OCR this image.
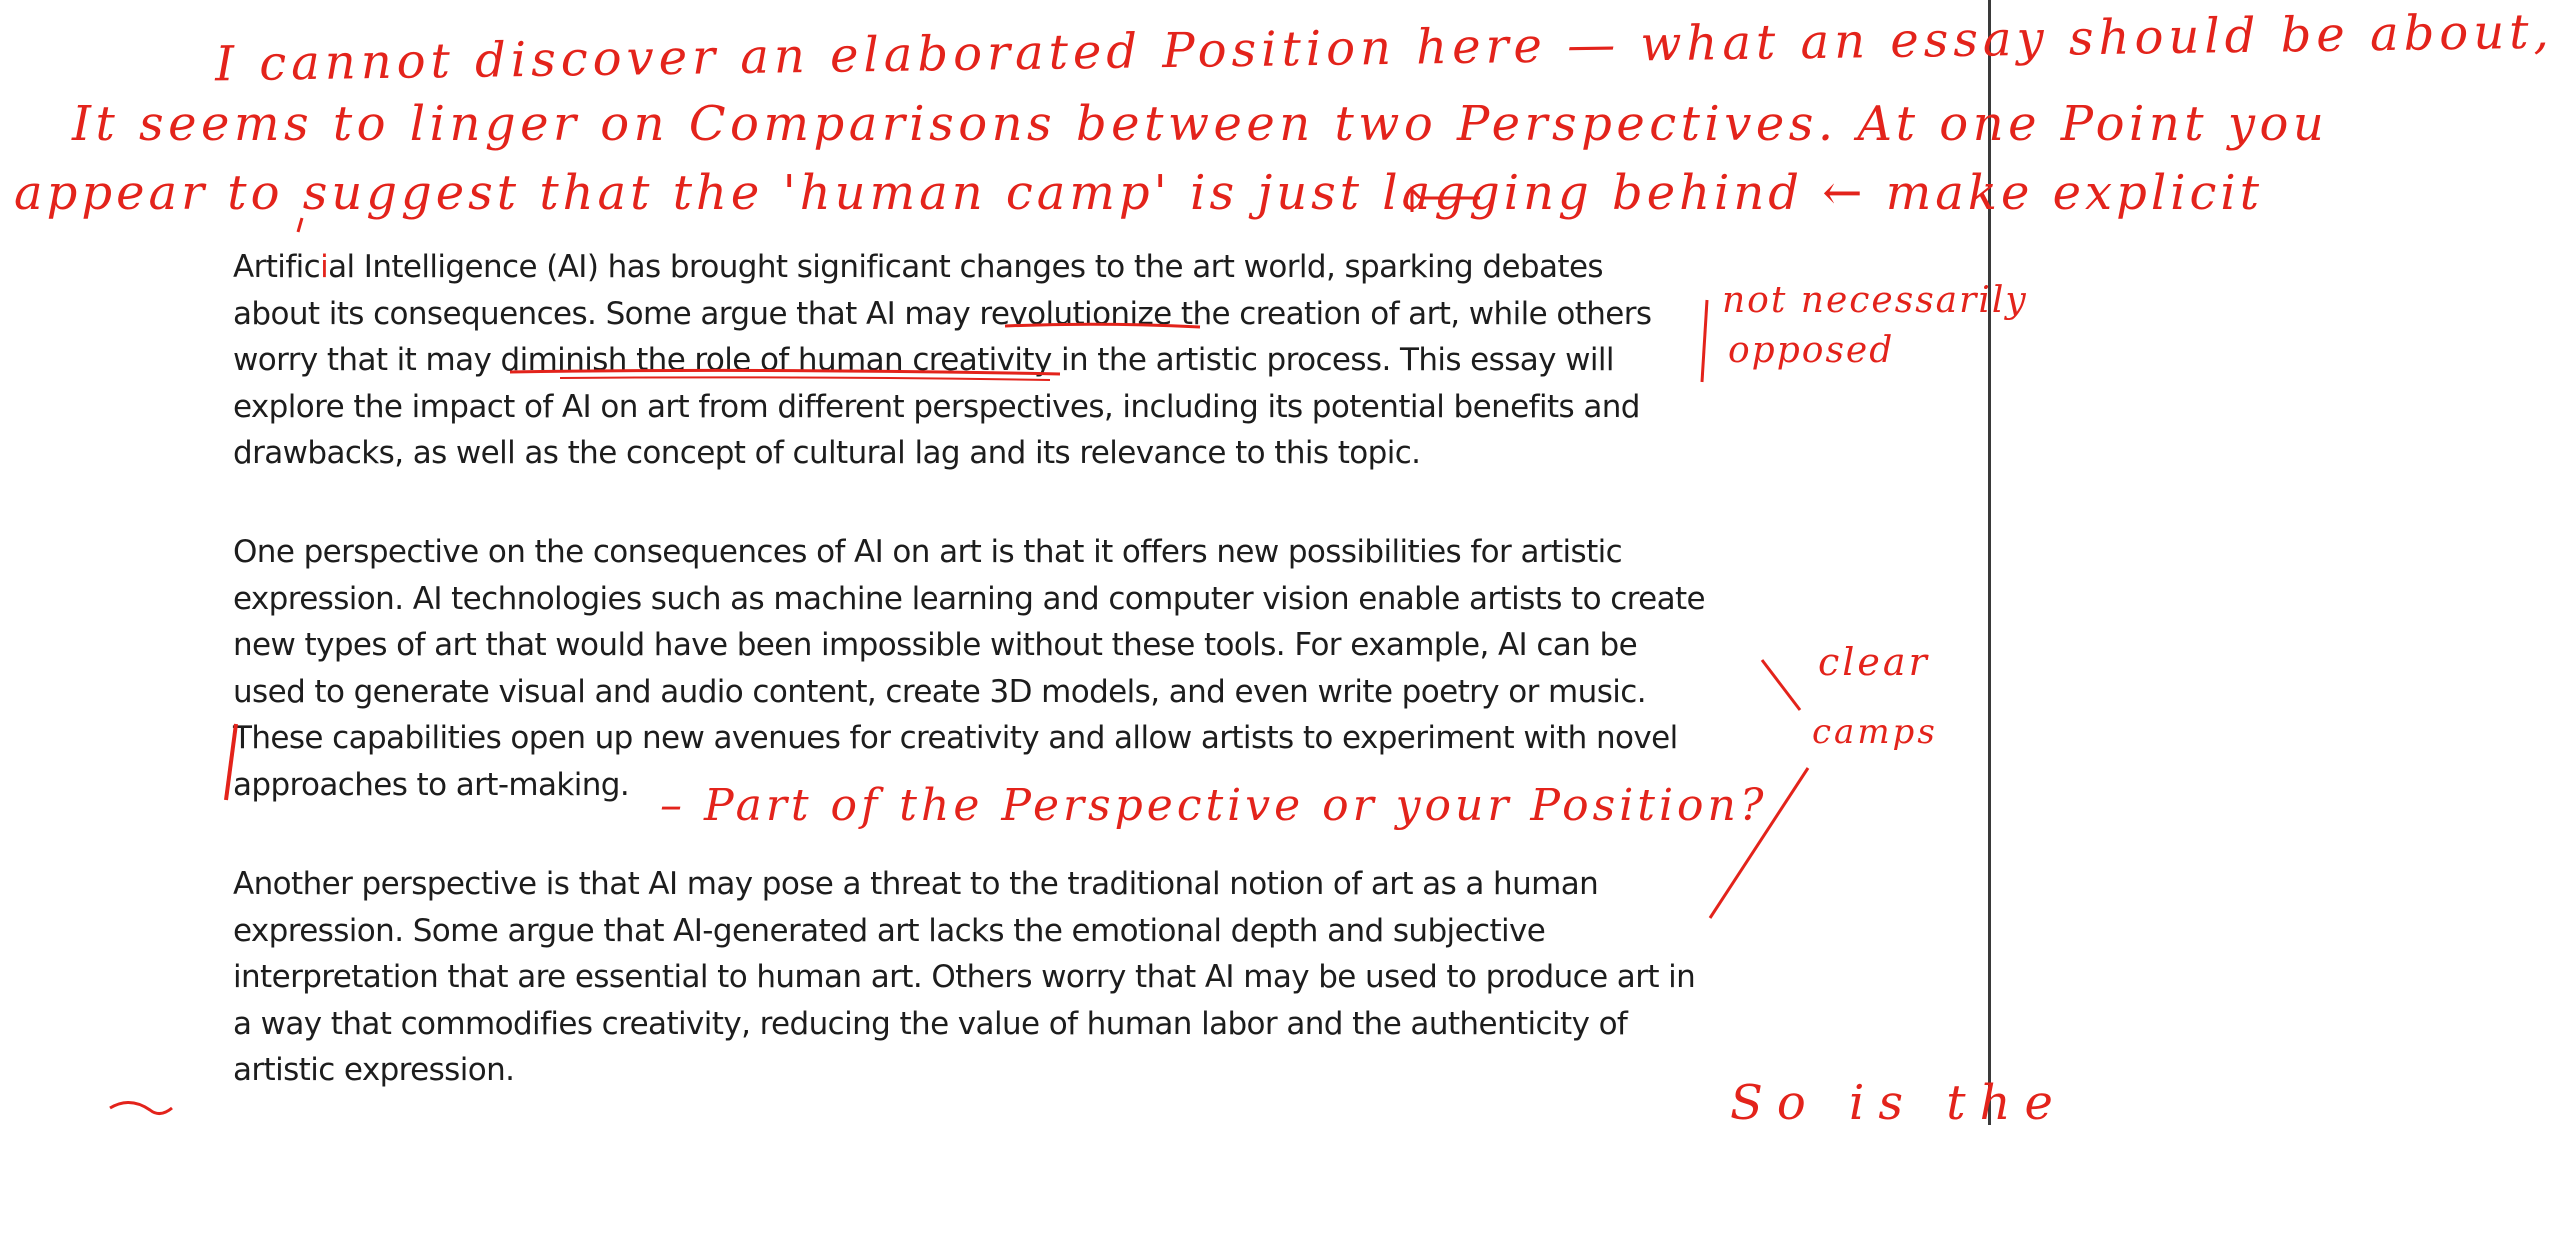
Artificial Intelligence (AI) has brought significant changes to the art world, sparking debates
about its consequences. Some argue that AI may revolutionize the creation of art, while others
worry that it may diminish the role of human creativity in the artistic process. This essay will
explore the impact of AI on art from different perspectives, including its potential benefits and
drawbacks, as well as the concept of cultural lag and its relevance to this topic.
One perspective on the consequences of AI on art is that it offers new possibilities for artistic
expression. AI technologies such as machine learning and computer vision enable artists to create
new types of art that would have been impossible without these tools. For example, AI can be
used to generate visual and audio content, create 3D models, and even write poetry or music.
These capabilities open up new avenues for creativity and allow artists to experiment with novel
approaches to art-making.
Another perspective is that AI may pose a threat to the traditional notion of art as a human
expression. Some argue that AI-generated art lacks the emotional depth and subjective
interpretation that are essential to human art. Others worry that AI may be used to produce art in
a way that commodifies creativity, reducing the value of human labor and the authenticity of
artistic expression.
I cannot discover an elaborated Position here — what an essay should be about,
It seems to linger on Comparisons between two Perspectives. At one Point you
appear to suggest that the 'human camp' is just lagging behind ← make explicit
not necessarily
opposed
clear
camps
– Part of the Perspective or your Position?
So is the
